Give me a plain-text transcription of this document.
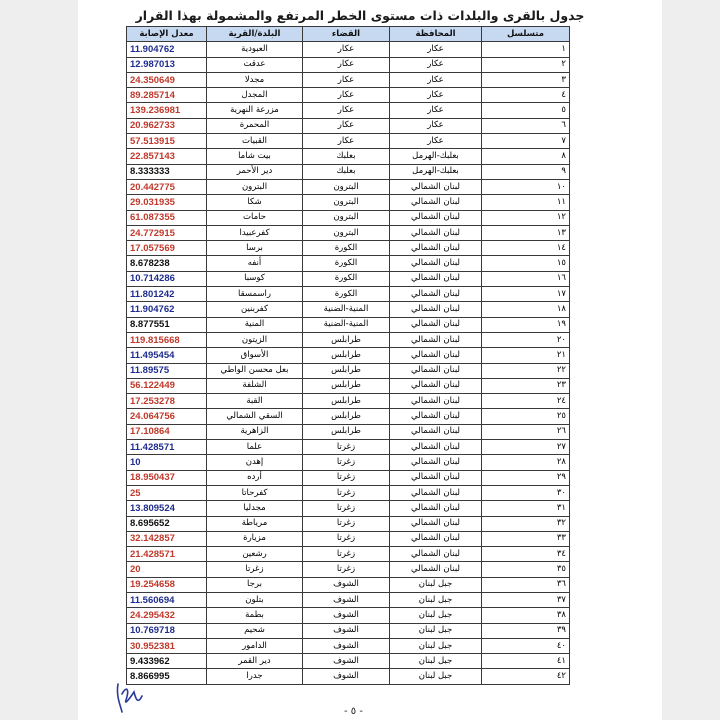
جدول بالقرى والبلدات ذات مستوى الخطر المرتفع والمشمولة بهذا القرار
متسلسل	المحافظة	القضاء	البلدة/القرية	معدل الإصابة
١	عكار	عكار	العبودية	11.904762
٢	عكار	عكار	عدقت	12.987013
٣	عكار	عكار	مجدلا	24.350649
٤	عكار	عكار	المجدل	89.285714
٥	عكار	عكار	مزرعة النهرية	139.236981
٦	عكار	عكار	المحمرة	20.962733
٧	عكار	عكار	القبيات	57.513915
٨	بعلبك-الهرمل	بعلبك	بيت شاما	22.857143
٩	بعلبك-الهرمل	بعلبك	دير الأحمر	8.333333
١٠	لبنان الشمالي	البترون	البترون	20.442775
١١	لبنان الشمالي	البترون	شكا	29.031935
١٢	لبنان الشمالي	البترون	حامات	61.087355
١٣	لبنان الشمالي	البترون	كفرعبيدا	24.772915
١٤	لبنان الشمالي	الكورة	برسا	17.057569
١٥	لبنان الشمالي	الكورة	أنفه	8.678238
١٦	لبنان الشمالي	الكورة	كوسبا	10.714286
١٧	لبنان الشمالي	الكورة	راسمسقا	11.801242
١٨	لبنان الشمالي	المنية-الضنية	كفربنين	11.904762
١٩	لبنان الشمالي	المنية-الضنية	المنية	8.877551
٢٠	لبنان الشمالي	طرابلس	الزيتون	119.815668
٢١	لبنان الشمالي	طرابلس	الأسواق	11.495454
٢٢	لبنان الشمالي	طرابلس	بعل محسن الواطي	11.89575
٢٣	لبنان الشمالي	طرابلس	الشلفة	56.122449
٢٤	لبنان الشمالي	طرابلس	القبة	17.253278
٢٥	لبنان الشمالي	طرابلس	السقي الشمالي	24.064756
٢٦	لبنان الشمالي	طرابلس	الزاهرية	17.10864
٢٧	لبنان الشمالي	زغرتا	علما	11.428571
٢٨	لبنان الشمالي	زغرتا	إهدن	10
٢٩	لبنان الشمالي	زغرتا	أرده	18.950437
٣٠	لبنان الشمالي	زغرتا	كفرحاتا	25
٣١	لبنان الشمالي	زغرتا	مجدليا	13.809524
٣٢	لبنان الشمالي	زغرتا	مرياطة	8.695652
٣٣	لبنان الشمالي	زغرتا	مزيارة	32.142857
٣٤	لبنان الشمالي	زغرتا	رشعين	21.428571
٣٥	لبنان الشمالي	زغرتا	زغرتا	20
٣٦	جبل لبنان	الشوف	برجا	19.254658
٣٧	جبل لبنان	الشوف	بتلون	11.560694
٣٨	جبل لبنان	الشوف	بطمة	24.295432
٣٩	جبل لبنان	الشوف	شحيم	10.769718
٤٠	جبل لبنان	الشوف	الدامور	30.952381
٤١	جبل لبنان	الشوف	دير القمر	9.433962
٤٢	جبل لبنان	الشوف	جدرا	8.866995
- ٥ -
